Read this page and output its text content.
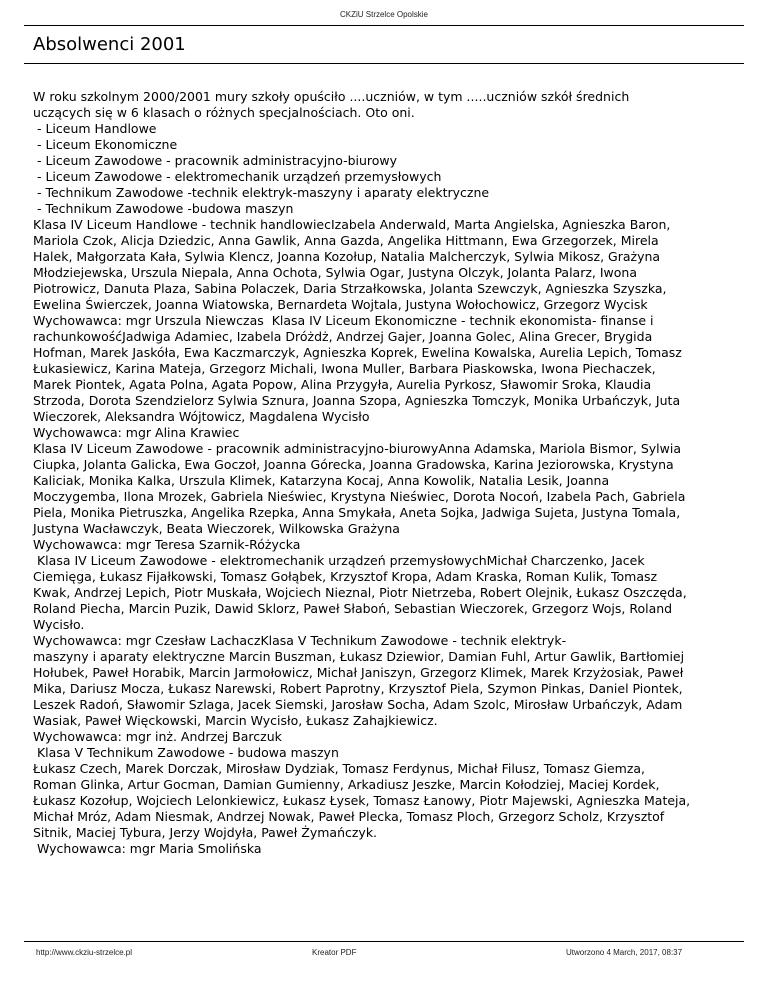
CKZiU Strzelce Opolskie
Absolwenci 2001

W roku szkolnym 2000/2001 mury szkoły opuściło ....uczniów, w tym .....uczniów szkół średnich
uczących się w 6 klasach o różnych specjalnościach. Oto oni.
- Liceum Handlowe
- Liceum Ekonomiczne
- Liceum Zawodowe - pracownik administracyjno-biurowy
- Liceum Zawodowe - elektromechanik urządzeń przemysłowych
- Technikum Zawodowe -technik elektryk-maszyny i aparaty elektryczne
- Technikum Zawodowe -budowa maszyn
Klasa IV Liceum Handlowe - technik handlowiecIzabela Anderwald, Marta Angielska, Agnieszka Baron,
Mariola Czok, Alicja Dziedzic, Anna Gawlik, Anna Gazda, Angelika Hittmann, Ewa Grzegorzek, Mirela
Halek, Małgorzata Kała, Sylwia Klencz, Joanna Kozołup, Natalia Malcherczyk, Sylwia Mikosz, Grażyna
Młodziejewska, Urszula Niepala, Anna Ochota, Sylwia Ogar, Justyna Olczyk, Jolanta Palarz, Iwona
Piotrowicz, Danuta Plaza, Sabina Polaczek, Daria Strzałkowska, Jolanta Szewczyk, Agnieszka Szyszka,
Ewelina Świerczek, Joanna Wiatowska, Bernardeta Wojtala, Justyna Wołochowicz, Grzegorz Wycisk
Wychowawca: mgr Urszula Niewczas  Klasa IV Liceum Ekonomiczne - technik ekonomista- finanse i
rachunkowośćJadwiga Adamiec, Izabela Dróżdż, Andrzej Gajer, Joanna Golec, Alina Grecer, Brygida
Hofman, Marek Jaskóła, Ewa Kaczmarczyk, Agnieszka Koprek, Ewelina Kowalska, Aurelia Lepich, Tomasz
Łukasiewicz, Karina Mateja, Grzegorz Michali, Iwona Muller, Barbara Piaskowska, Iwona Piechaczek,
Marek Piontek, Agata Polna, Agata Popow, Alina Przygyła, Aurelia Pyrkosz, Sławomir Sroka, Klaudia
Strzoda, Dorota Szendzielorz Sylwia Sznura, Joanna Szopa, Agnieszka Tomczyk, Monika Urbańczyk, Juta
Wieczorek, Aleksandra Wójtowicz, Magdalena Wycisło
Wychowawca: mgr Alina Krawiec
Klasa IV Liceum Zawodowe - pracownik administracyjno-biurowyAnna Adamska, Mariola Bismor, Sylwia
Ciupka, Jolanta Galicka, Ewa Goczoł, Joanna Górecka, Joanna Gradowska, Karina Jeziorowska, Krystyna
Kaliciak, Monika Kalka, Urszula Klimek, Katarzyna Kocaj, Anna Kowolik, Natalia Lesik, Joanna
Moczygemba, Ilona Mrozek, Gabriela Nieświec, Krystyna Nieświec, Dorota Nocoń, Izabela Pach, Gabriela
Piela, Monika Pietruszka, Angelika Rzepka, Anna Smykała, Aneta Sojka, Jadwiga Sujeta, Justyna Tomala,
Justyna Wacławczyk, Beata Wieczorek, Wilkowska Grażyna
Wychowawca: mgr Teresa Szarnik-Różycka

Klasa IV Liceum Zawodowe - elektromechanik urządzeń przemysłowychMichał Charczenko, Jacek
Ciemięga, Łukasz Fijałkowski, Tomasz Gołąbek, Krzysztof Kropa, Adam Kraska, Roman Kulik, Tomasz
Kwak, Andrzej Lepich, Piotr Muskała, Wojciech Nieznal, Piotr Nietrzeba, Robert Olejnik, Łukasz Oszczęda,
Roland Piecha, Marcin Puzik, Dawid Sklorz, Paweł Słaboń, Sebastian Wieczorek, Grzegorz Wojs, Roland
Wycisło.
Wychowawca: mgr Czesław LachaczKlasa V Technikum Zawodowe - technik elektryk-
maszyny i aparaty elektryczne Marcin Buszman, Łukasz Dziewior, Damian Fuhl, Artur Gawlik, Bartłomiej
Hołubek, Paweł Horabik, Marcin Jarmołowicz, Michał Janiszyn, Grzegorz Klimek, Marek Krzyżosiak, Paweł
Mika, Dariusz Mocza, Łukasz Narewski, Robert Paprotny, Krzysztof Piela, Szymon Pinkas, Daniel Piontek,
Leszek Radoń, Sławomir Szlaga, Jacek Siemski, Jarosław Socha, Adam Szolc, Mirosław Urbańczyk, Adam
Wasiak, Paweł Więckowski, Marcin Wycisło, Łukasz Zahajkiewicz.
Wychowawca: mgr inż. Andrzej Barczuk

Klasa V Technikum Zawodowe - budowa maszyn
Łukasz Czech, Marek Dorczak, Mirosław Dydziak, Tomasz Ferdynus, Michał Filusz, Tomasz Giemza,
Roman Glinka, Artur Gocman, Damian Gumienny, Arkadiusz Jeszke, Marcin Kołodziej, Maciej Kordek,
Łukasz Kozołup, Wojciech Lelonkiewicz, Łukasz Łysek, Tomasz Łanowy, Piotr Majewski, Agnieszka Mateja,
Michał Mróz, Adam Niesmak, Andrzej Nowak, Paweł Plecka, Tomasz Ploch, Grzegorz Scholz, Krzysztof
Sitnik, Maciej Tybura, Jerzy Wojdyła, Paweł Żymańczyk.
Wychowawca: mgr Maria Smolińska

http://www.ckziu-strzelce.pl	Kreator PDF	Utworzono 4 March, 2017, 08:37
